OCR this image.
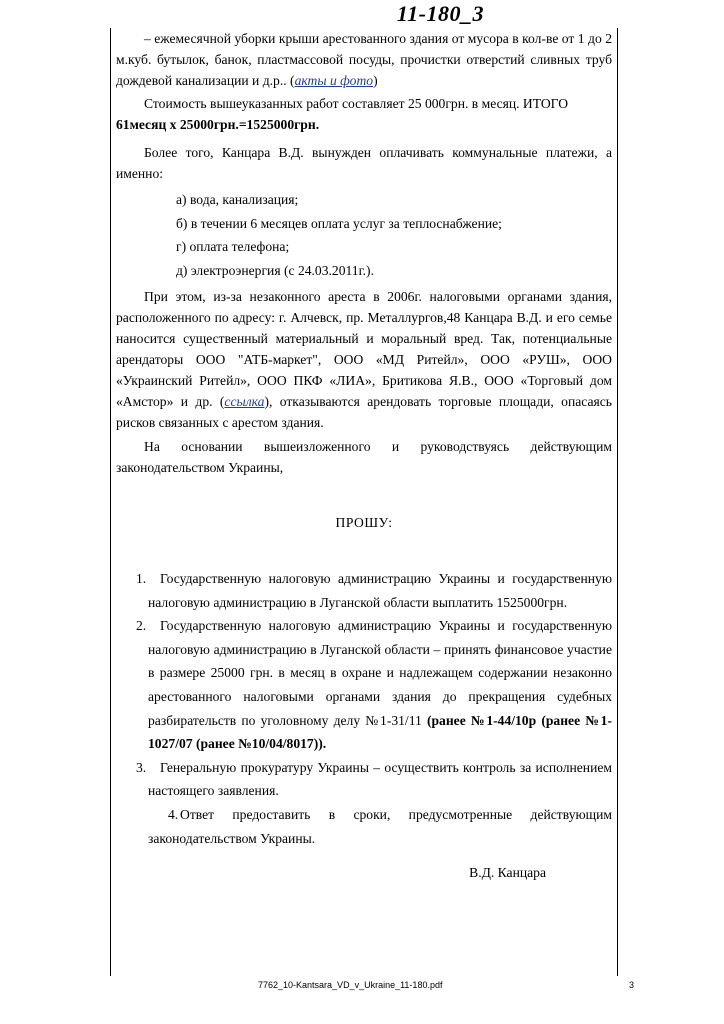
11-180_3

– ежемесячной уборки крыши арестованного здания от мусора в кол-ве от 1 до 2 м.куб. бутылок, банок, пластмассовой посуды, прочистки отверстий сливных труб дождевой канализации и д.р.. (акты и фото)

Стоимость вышеуказанных работ составляет 25 000грн. в месяц. ИТОГО
61месяц х 25000грн.=1525000грн.

Более того, Канцара В.Д. вынужден оплачивать коммунальные платежи, а именно:

а) вода, канализация;

б) в течении 6 месяцев оплата услуг за теплоснабжение;

г) оплата телефона;

д) электроэнергия (с 24.03.2011г.).

При этом, из-за незаконного ареста в 2006г. налоговыми органами здания, расположенного по адресу: г. Алчевск, пр. Металлургов,48 Канцара В.Д. и его семье наносится существенный материальный и моральный вред. Так, потенциальные арендаторы ООО "АТБ-маркет", ООО «МД Ритейл», ООО «РУШ», ООО «Украинский Ритейл», ООО ПКФ «ЛИА», Бритикова Я.В., ООО «Торговый дом «Амстор» и др. (ссылка), отказываются арендовать торговые площади, опасаясь рисков связанных с арестом здания.

На основании вышеизложенного и руководствуясь действующим законодательством Украины,

ПРОШУ:

1. Государственную налоговую администрацию Украины и государственную налоговую администрацию в Луганской области выплатить 1525000грн.
2. Государственную налоговую администрацию Украины и государственную налоговую администрацию в Луганской области – принять финансовое участие в размере 25000 грн. в месяц в охране и надлежащем содержании незаконно арестованного налоговыми органами здания до прекращения судебных разбирательств по уголовному делу №1-31/11 (ранее №1-44/10р (ранее №1-1027/07 (ранее №10/04/8017)).
3. Генеральную прокуратуру Украины – осуществить контроль за исполнением настоящего заявления.
4. Ответ предоставить в сроки, предусмотренные действующим законодательством Украины.

В.Д. Канцара

7762_10-Kantsara_VD_v_Ukraine_11-180.pdf	3
